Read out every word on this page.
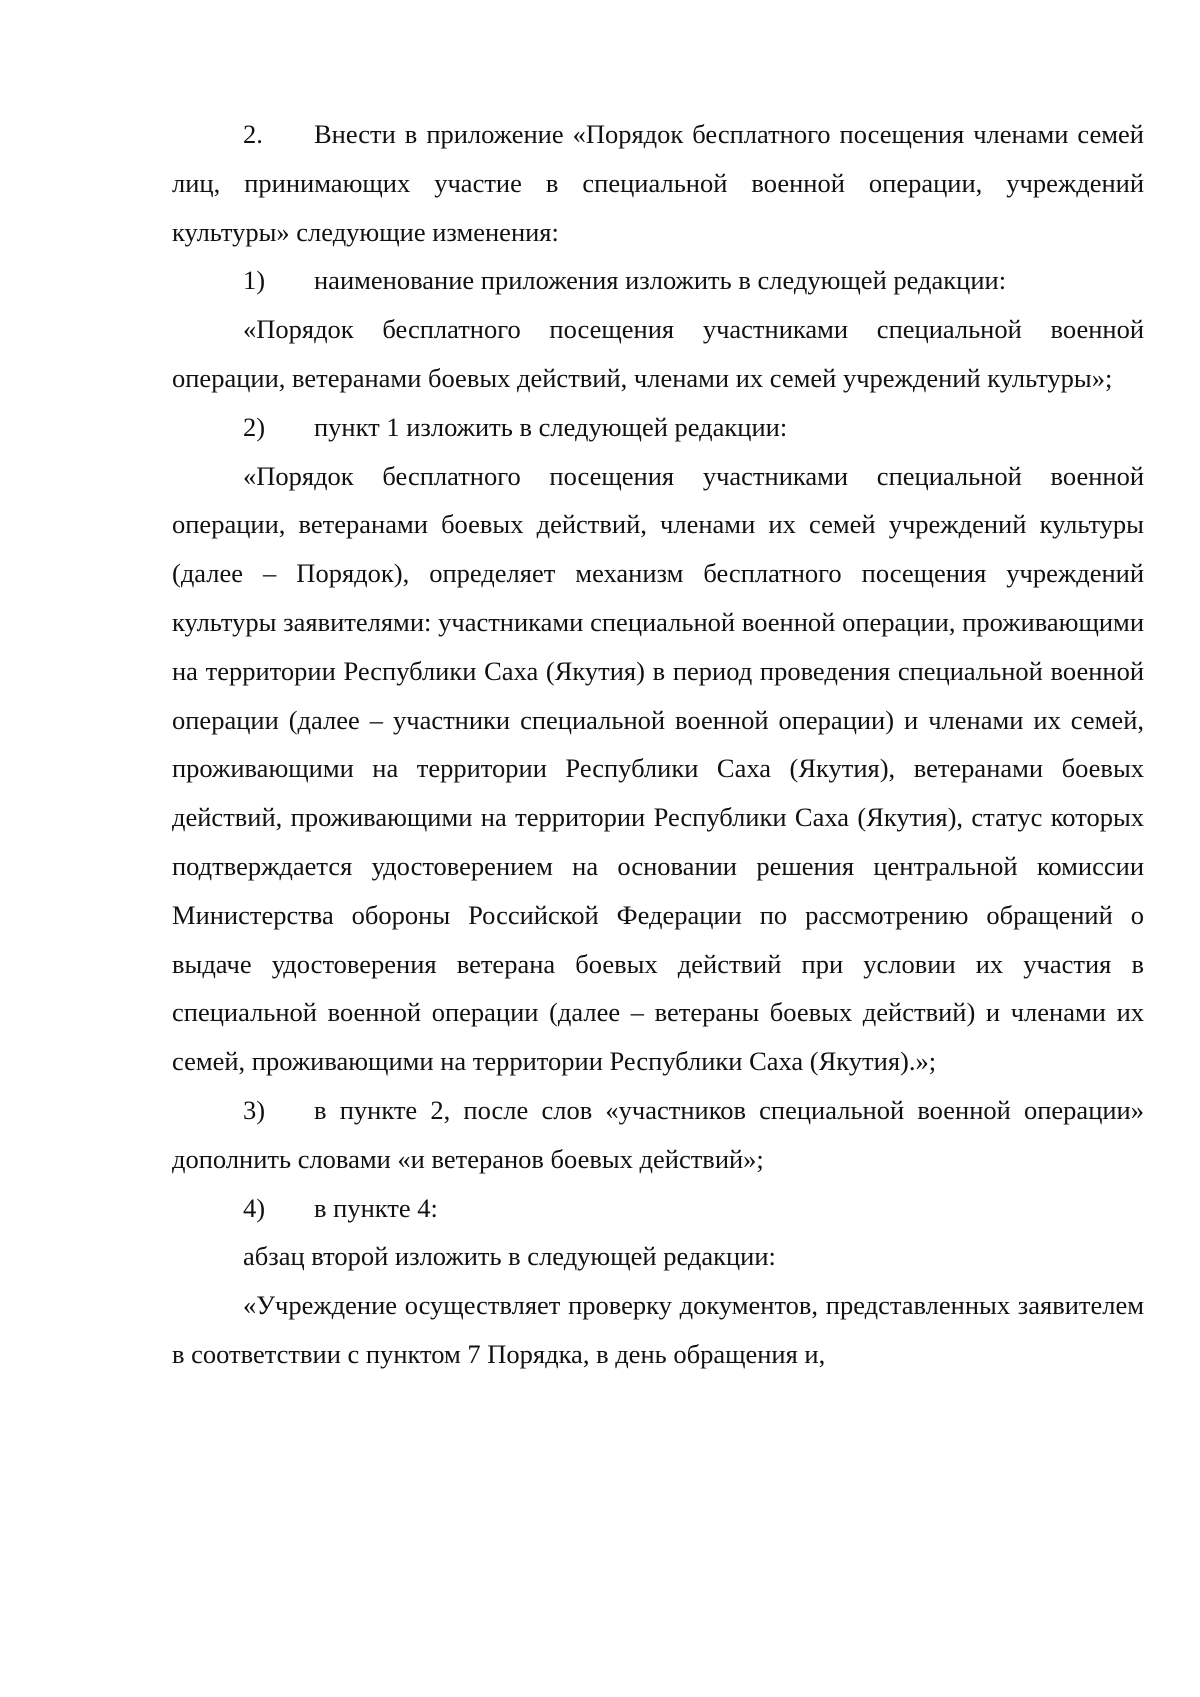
2. Внести в приложение «Порядок бесплатного посещения членами семей лиц, принимающих участие в специальной военной операции, учреждений культуры» следующие изменения:

1) наименование приложения изложить в следующей редакции:

«Порядок бесплатного посещения участниками специальной военной операции, ветеранами боевых действий, членами их семей учреждений культуры»;

2) пункт 1 изложить в следующей редакции:

«Порядок бесплатного посещения участниками специальной военной операции, ветеранами боевых действий, членами их семей учреждений культуры (далее – Порядок), определяет механизм бесплатного посещения учреждений культуры заявителями: участниками специальной военной операции, проживающими на территории Республики Саха (Якутия) в период проведения специальной военной операции (далее – участники специальной военной операции) и членами их семей, проживающими на территории Республики Саха (Якутия), ветеранами боевых действий, проживающими на территории Республики Саха (Якутия), статус которых подтверждается удостоверением на основании решения центральной комиссии Министерства обороны Российской Федерации по рассмотрению обращений о выдаче удостоверения ветерана боевых действий при условии их участия в специальной военной операции (далее – ветераны боевых действий) и членами их семей, проживающими на территории Республики Саха (Якутия).»;

3) в пункте 2, после слов «участников специальной военной операции» дополнить словами «и ветеранов боевых действий»;

4) в пункте 4:

абзац второй изложить в следующей редакции:

«Учреждение осуществляет проверку документов, представленных заявителем в соответствии с пунктом 7 Порядка, в день обращения и,
